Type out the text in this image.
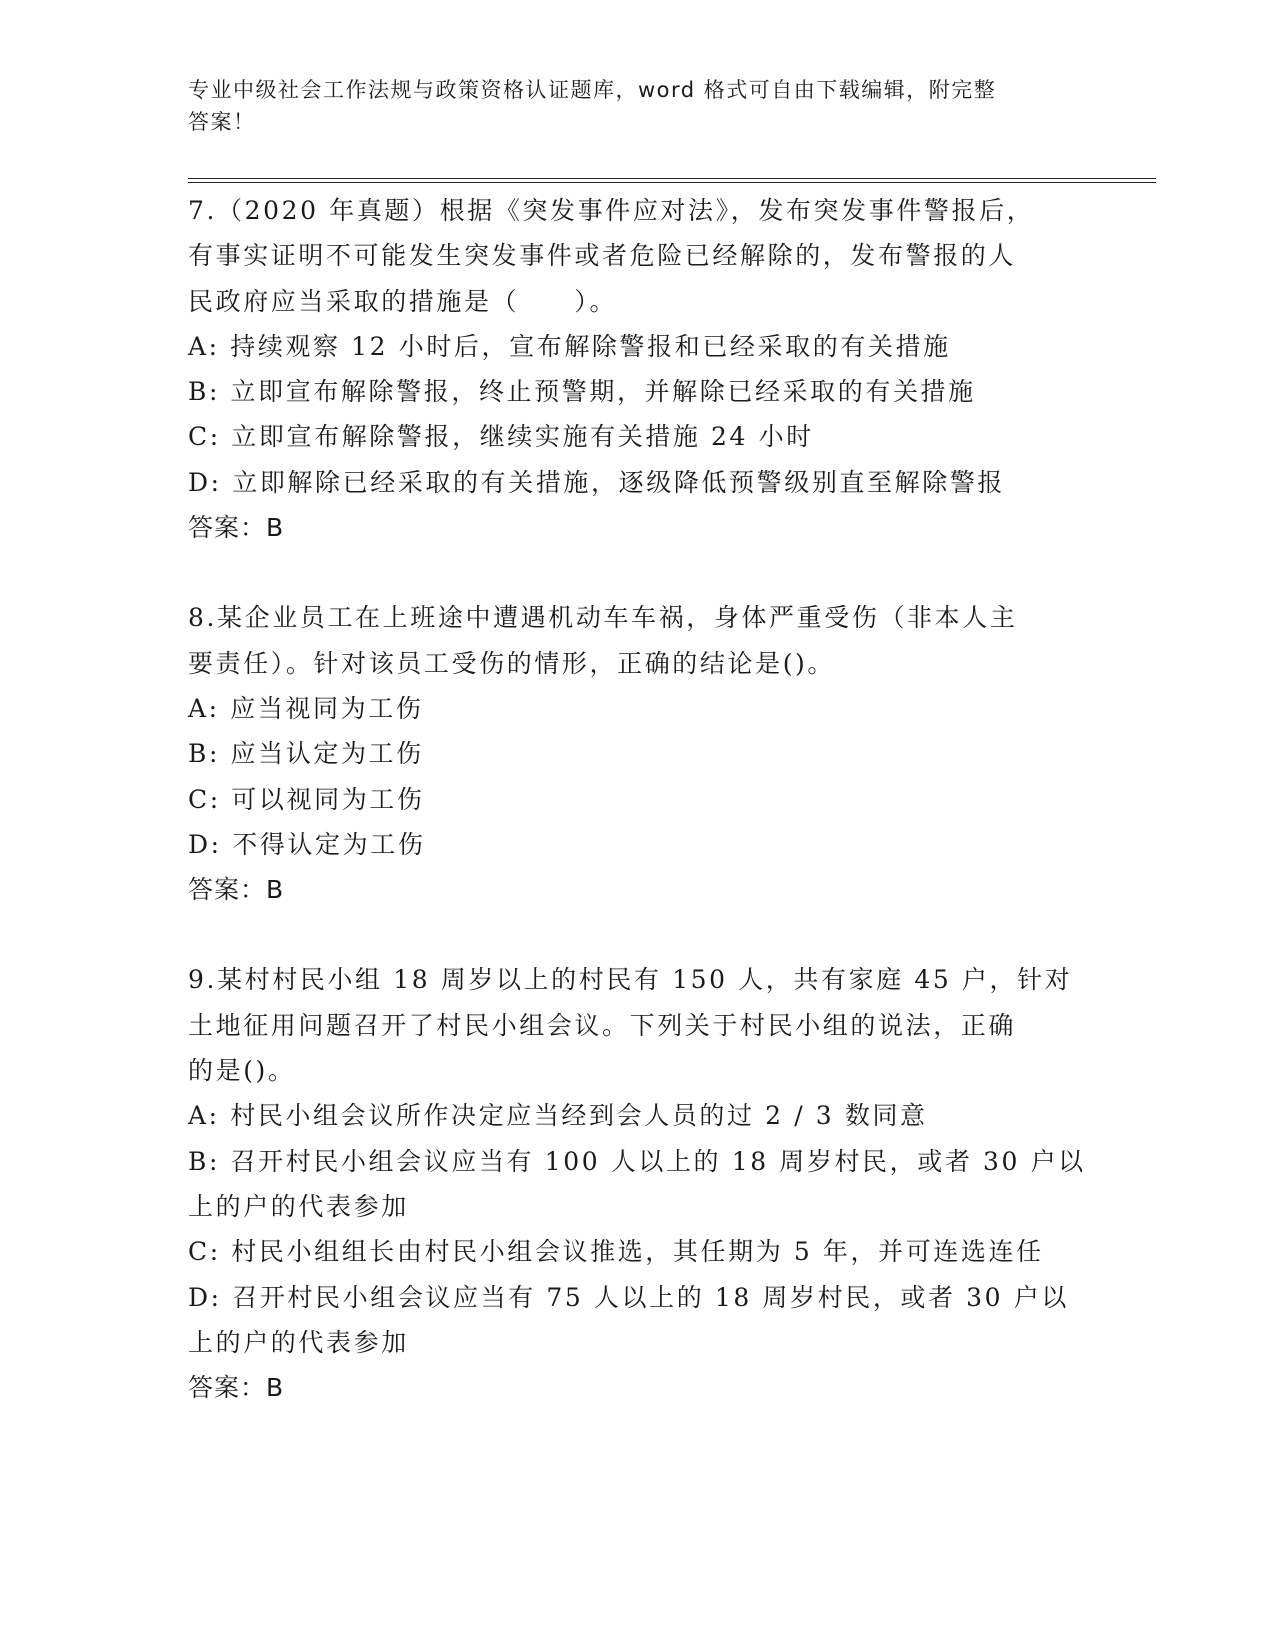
专业中级社会工作法规与政策资格认证题库，word 格式可自由下载编辑，附完整
答案！

7.（2020 年真题）根据《突发事件应对法》，发布突发事件警报后，

有事实证明不可能发生突发事件或者危险已经解除的，发布警报的人

民政府应当采取的措施是（　　）。

A: 持续观察 12 小时后，宣布解除警报和已经采取的有关措施

B: 立即宣布解除警报，终止预警期，并解除已经采取的有关措施

C: 立即宣布解除警报，继续实施有关措施 24 小时

D: 立即解除已经采取的有关措施，逐级降低预警级别直至解除警报

答案：B

8.某企业员工在上班途中遭遇机动车车祸，身体严重受伤（非本人主

要责任）。针对该员工受伤的情形，正确的结论是()。

A: 应当视同为工伤

B: 应当认定为工伤

C: 可以视同为工伤

D: 不得认定为工伤

答案：B

9.某村村民小组 18 周岁以上的村民有 150 人，共有家庭 45 户，针对

土地征用问题召开了村民小组会议。下列关于村民小组的说法，正确

的是()。

A: 村民小组会议所作决定应当经到会人员的过 2 / 3 数同意

B: 召开村民小组会议应当有 100 人以上的 18 周岁村民，或者 30 户以

上的户的代表参加

C: 村民小组组长由村民小组会议推选，其任期为 5 年，并可连选连任

D: 召开村民小组会议应当有 75 人以上的 18 周岁村民，或者 30 户以

上的户的代表参加

答案：B
